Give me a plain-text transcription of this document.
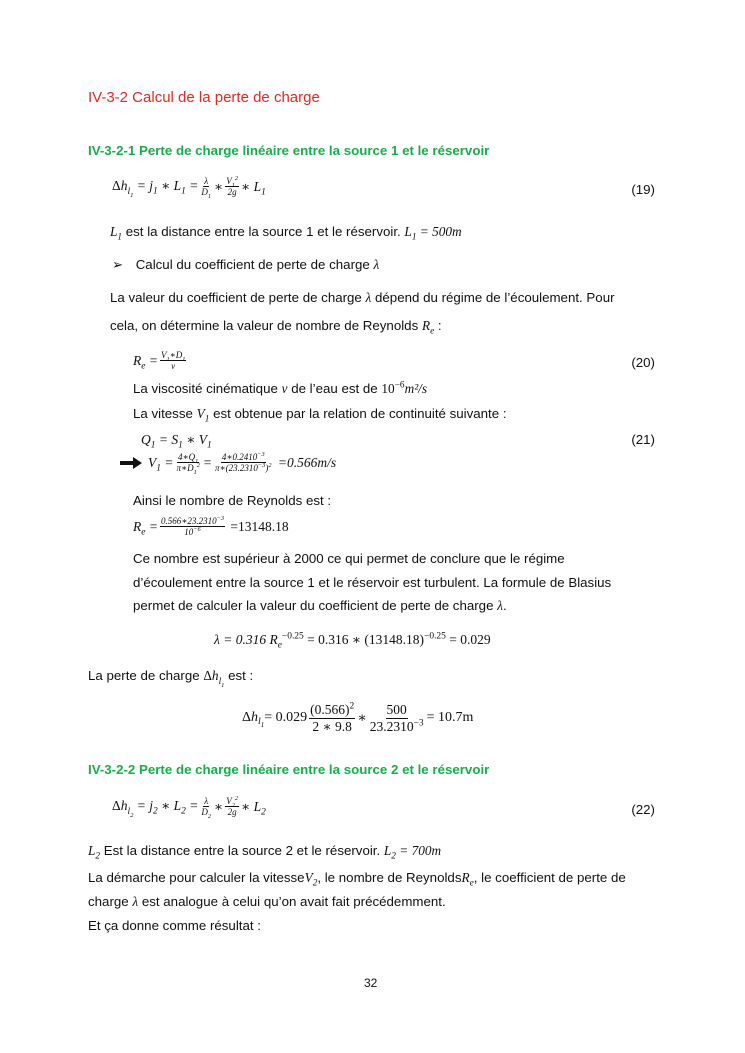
IV-3-2 Calcul de la perte de charge
IV-3-2-1 Perte de charge linéaire entre la source 1 et le réservoir
$\Delta h_{l_1} = j_1$ ∗ $L_1 = \frac{\lambda}{D_1}$ ∗ $\frac{V_1^2}{2g}$ ∗ $L_1$	(19)
$L_1$ est la distance entre la source 1 et le réservoir. $L_1 = 500m$
➢ Calcul du coefficient de perte de charge λ
La valeur du coefficient de perte de charge λ dépend du régime de l’écoulement. Pour
cela, on détermine la valeur de nombre de Reynolds $R_e$ :
$R_e = \frac{V_1∗D_1}{\nu}$	(20)
La viscosité cinématique ν de l’eau est de $10^{-6}m^2/s$
La vitesse $V_1$ est obtenue par la relation de continuité suivante :
$Q_1 = S_1$ ∗ $V_1$	(21)
$V_1 = \frac{4∗Q_1}{\pi∗D_1^2} = \frac{4∗0.2410^{-3}}{\pi∗(23.2310^{-3})^2} = 0.566m/s$
Ainsi le nombre de Reynolds est :
$R_e = \frac{0.566∗23.2310^{-3}}{10^{-6}} = 13148.18$
Ce nombre est supérieur à 2000 ce qui permet de conclure que le régime
d’écoulement entre la source 1 et le réservoir est turbulent. La formule de Blasius
permet de calculer la valeur du coefficient de perte de charge λ.
λ = 0.316 $R_e^{-0.25} = 0.316$ ∗ $(13148.18)^{-0.25} = 0.029$
La perte de charge $\Delta h_{l_1}$ est :
$\Delta h_{l_1}$
= $0.029 \frac{(0.566)^2}{2 ∗ 9.8}$ ∗ $\frac{500}{23.2310^{-3}} = 10.7m$
IV-3-2-2 Perte de charge linéaire entre la source 2 et le réservoir
$\Delta h_{l_2} = j_2$ ∗ $L_2 = \frac{\lambda}{D_2}$ ∗ $\frac{V_2^2}{2g}$ ∗ $L_2$	(22)
$L_2$ Est la distance entre la source 2 et le réservoir. $L_2 = 700m$
La démarche pour calculer la vitesseV$_2$, le nombre de ReynoldsR$_e$, le coefficient de perte de
charge λ est analogue à celui qu’on avait fait précédemment.
Et ça donne comme résultat :
32
